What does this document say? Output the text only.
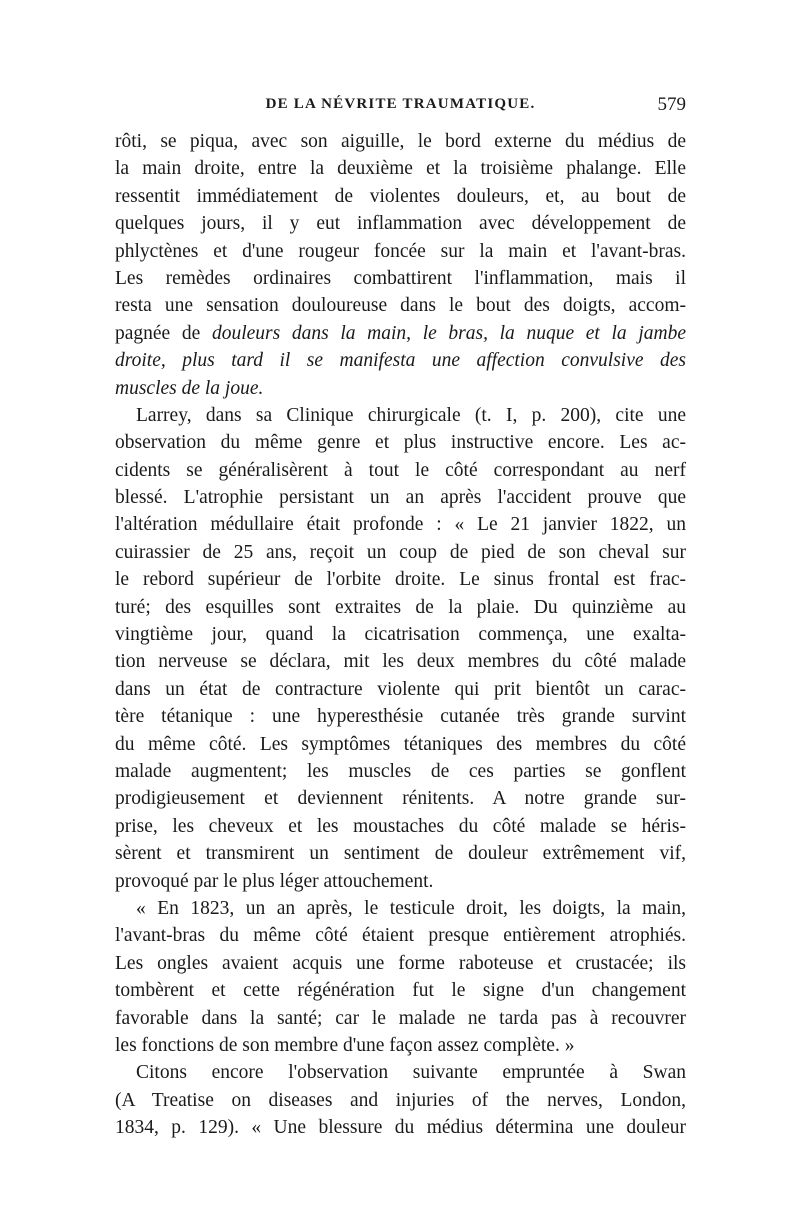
DE LA NÉVRITE TRAUMATIQUE.	579
rôti, se piqua, avec son aiguille, le bord externe du médius de
la main droite, entre la deuxième et la troisième phalange. Elle
ressentit immédiatement de violentes douleurs, et, au bout de
quelques jours, il y eut inflammation avec développement de
phlyctènes et d'une rougeur foncée sur la main et l'avant-bras.
Les remèdes ordinaires combattirent l'inflammation, mais il
resta une sensation douloureuse dans le bout des doigts, accom-
pagnée de douleurs dans la main, le bras, la nuque et la jambe
droite, plus tard il se manifesta une affection convulsive des
muscles de la joue.
Larrey, dans sa Clinique chirurgicale (t. I, p. 200), cite une
observation du même genre et plus instructive encore. Les ac-
cidents se généralisèrent à tout le côté correspondant au nerf
blessé. L'atrophie persistant un an après l'accident prouve que
l'altération médullaire était profonde : « Le 21 janvier 1822, un
cuirassier de 25 ans, reçoit un coup de pied de son cheval sur
le rebord supérieur de l'orbite droite. Le sinus frontal est frac-
turé; des esquilles sont extraites de la plaie. Du quinzième au
vingtième jour, quand la cicatrisation commença, une exalta-
tion nerveuse se déclara, mit les deux membres du côté malade
dans un état de contracture violente qui prit bientôt un carac-
tère tétanique : une hyperesthésie cutanée très grande survint
du même côté. Les symptômes tétaniques des membres du côté
malade augmentent; les muscles de ces parties se gonflent
prodigieusement et deviennent rénitents. A notre grande sur-
prise, les cheveux et les moustaches du côté malade se héris-
sèrent et transmirent un sentiment de douleur extrêmement vif,
provoqué par le plus léger attouchement.
« En 1823, un an après, le testicule droit, les doigts, la main,
l'avant-bras du même côté étaient presque entièrement atrophiés.
Les ongles avaient acquis une forme raboteuse et crustacée; ils
tombèrent et cette régénération fut le signe d'un changement
favorable dans la santé; car le malade ne tarda pas à recouvrer
les fonctions de son membre d'une façon assez complète. »
Citons encore l'observation suivante empruntée à Swan
(A Treatise on diseases and injuries of the nerves, London,
1834, p. 129). « Une blessure du médius détermina une douleur
